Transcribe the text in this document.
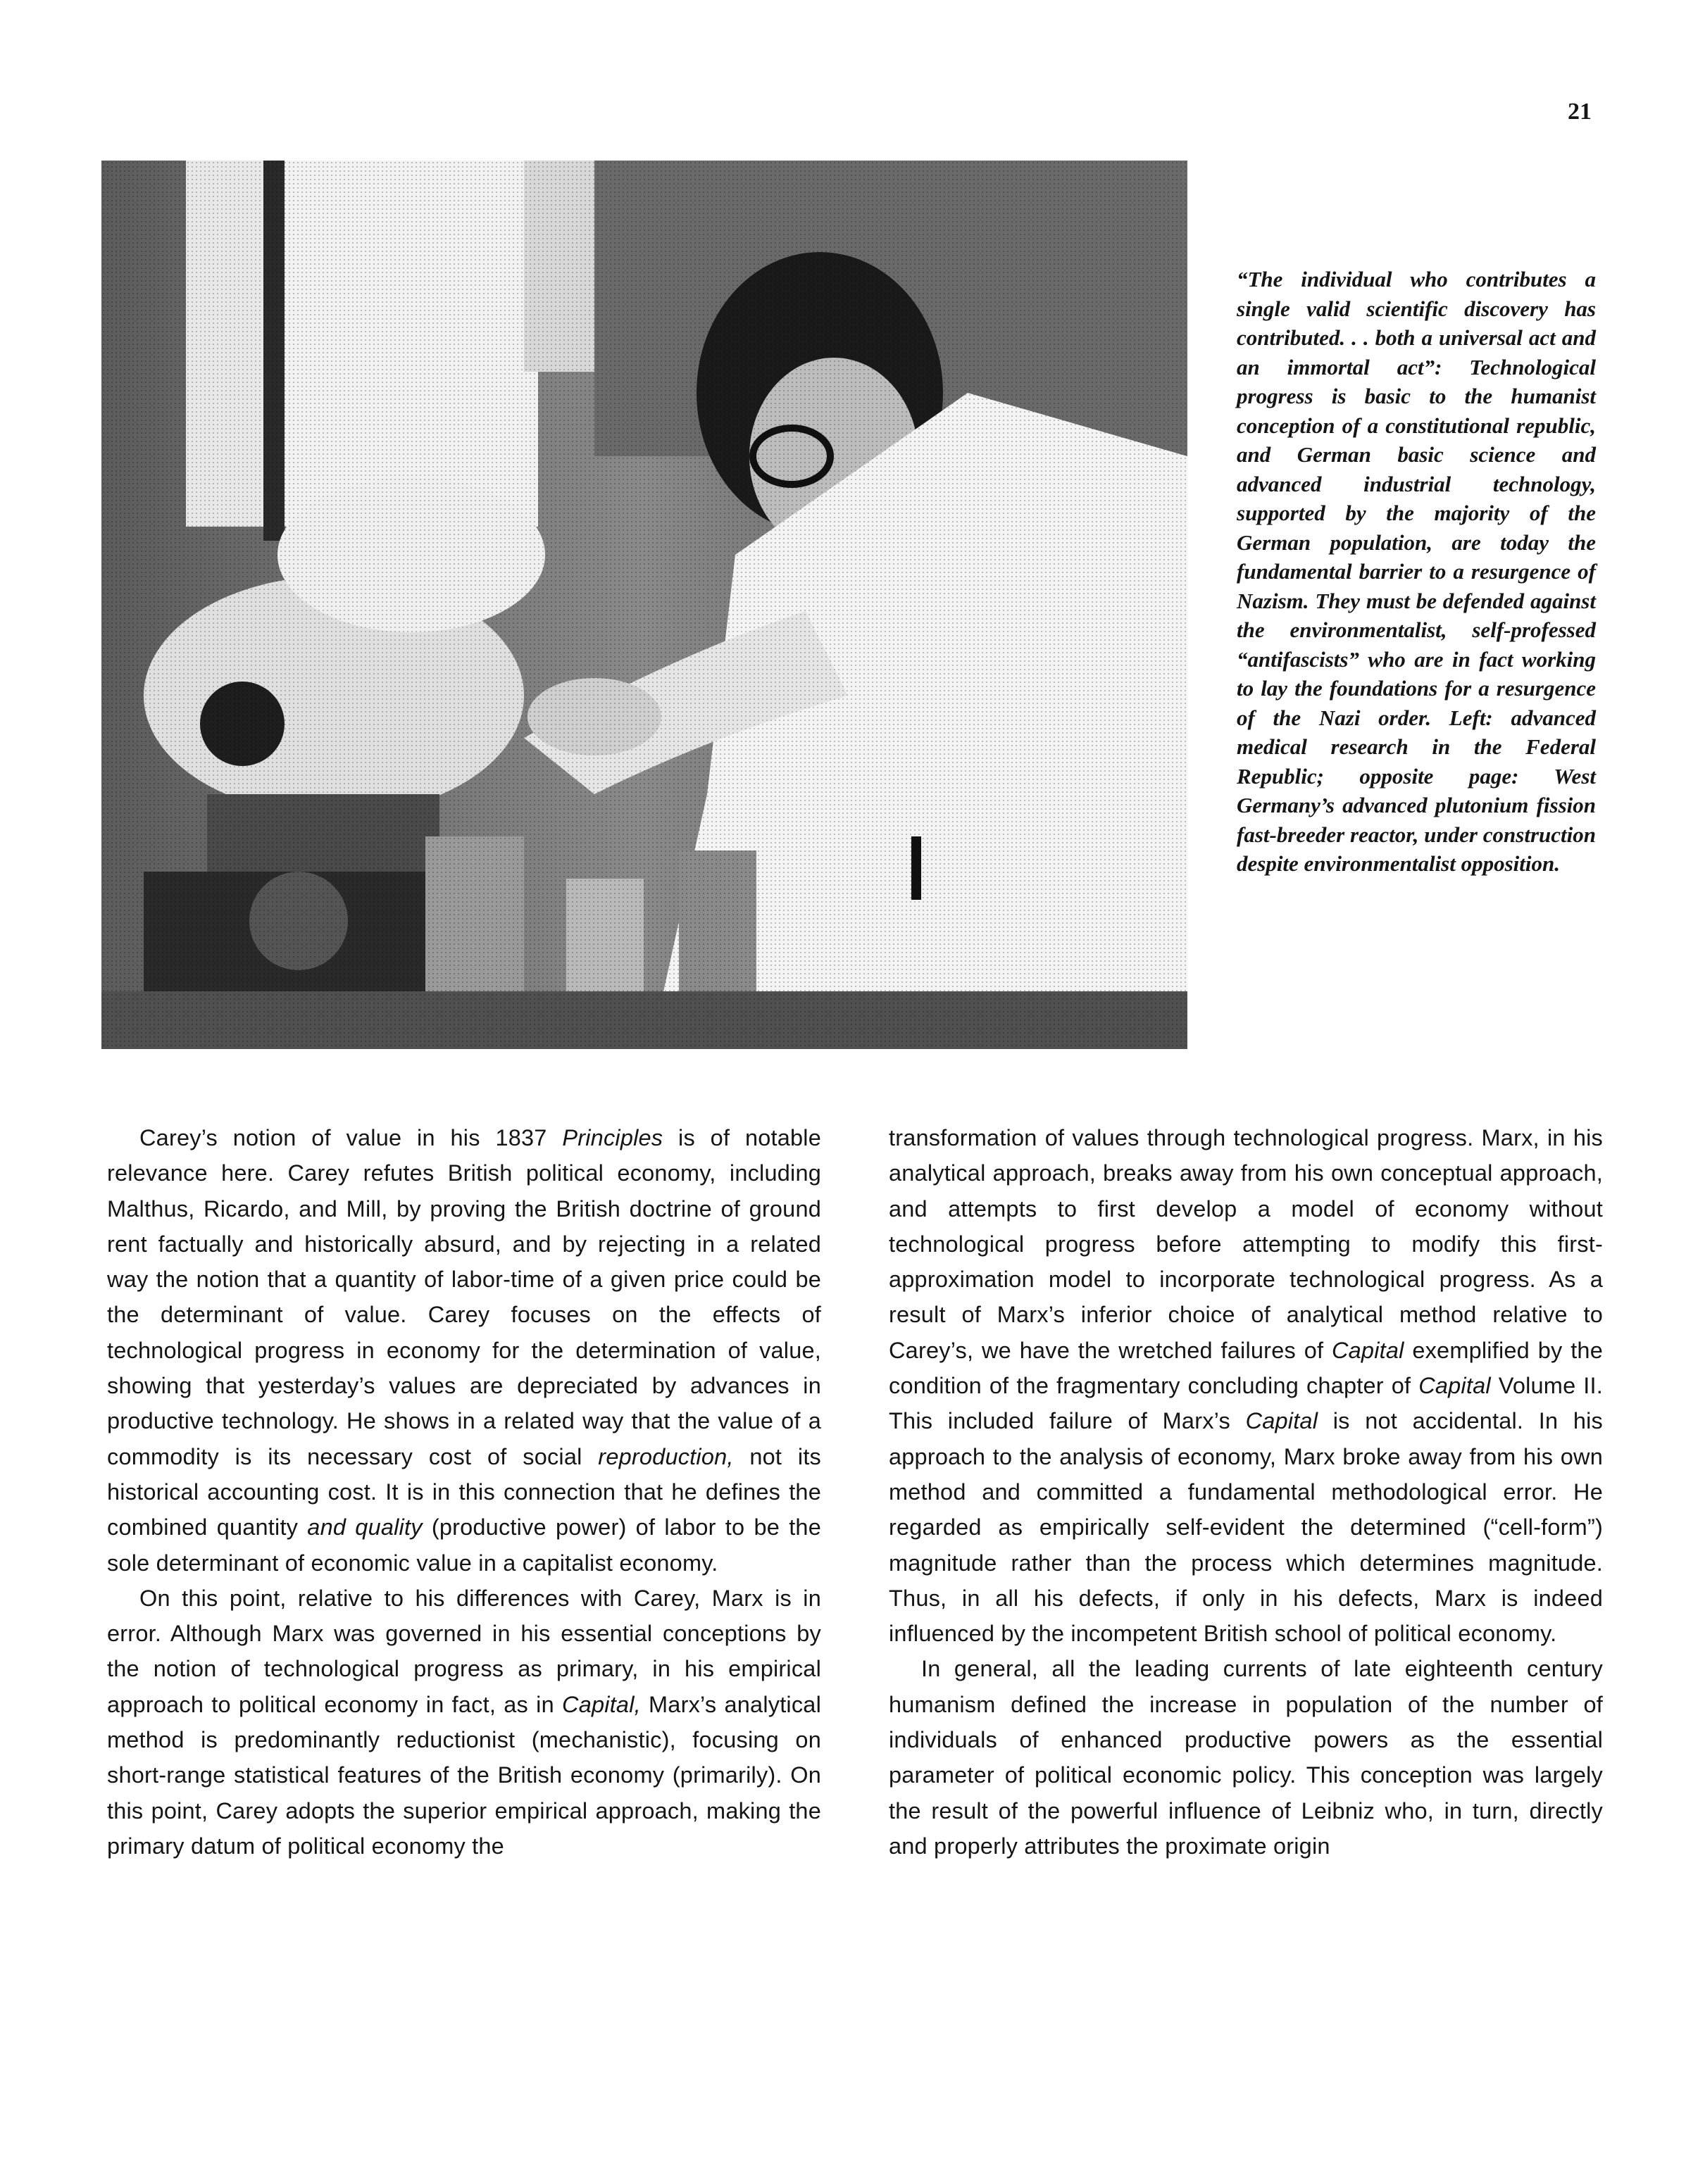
21

“The individual who contributes a single valid scientific discovery has contributed. . . both a universal act and an immortal act”: Technological progress is basic to the humanist conception of a constitutional republic, and German basic science and advanced industrial technology, supported by the majority of the German population, are today the fundamental barrier to a resurgence of Nazism. They must be defended against the environmentalist, self-professed “antifascists” who are in fact working to lay the foundations for a resurgence of the Nazi order. Left: advanced medical research in the Federal Republic; opposite page: West Germany’s advanced plutonium fission fast-breeder reactor, under construction despite environmentalist opposition.

Carey’s notion of value in his 1837 Principles is of notable relevance here. Carey refutes British political economy, including Malthus, Ricardo, and Mill, by proving the British doctrine of ground rent factually and historically absurd, and by rejecting in a related way the notion that a quantity of labor-time of a given price could be the determinant of value. Carey focuses on the effects of technological progress in economy for the determination of value, showing that yesterday’s values are depreciated by advances in productive technology. He shows in a related way that the value of a commodity is its necessary cost of social reproduction, not its historical accounting cost. It is in this connection that he defines the combined quantity and quality (productive power) of labor to be the sole determinant of economic value in a capitalist economy.

On this point, relative to his differences with Carey, Marx is in error. Although Marx was governed in his essential conceptions by the notion of technological progress as primary, in his empirical approach to political economy in fact, as in Capital, Marx’s analytical method is predominantly reductionist (mechanistic), focusing on short-range statistical features of the British economy (primarily). On this point, Carey adopts the superior empirical approach, making the primary datum of political economy the

transformation of values through technological progress. Marx, in his analytical approach, breaks away from his own conceptual approach, and attempts to first develop a model of economy without technological progress before attempting to modify this first-approximation model to incorporate technological progress. As a result of Marx’s inferior choice of analytical method relative to Carey’s, we have the wretched failures of Capital exemplified by the condition of the fragmentary concluding chapter of Capital Volume II. This included failure of Marx’s Capital is not accidental. In his approach to the analysis of economy, Marx broke away from his own method and committed a fundamental methodological error. He regarded as empirically self-evident the determined (“cell-form”) magnitude rather than the process which determines magnitude. Thus, in all his defects, if only in his defects, Marx is indeed influenced by the incompetent British school of political economy.

In general, all the leading currents of late eighteenth century humanism defined the increase in population of the number of individuals of enhanced productive powers as the essential parameter of political economic policy. This conception was largely the result of the powerful influence of Leibniz who, in turn, directly and properly attributes the proximate origin
